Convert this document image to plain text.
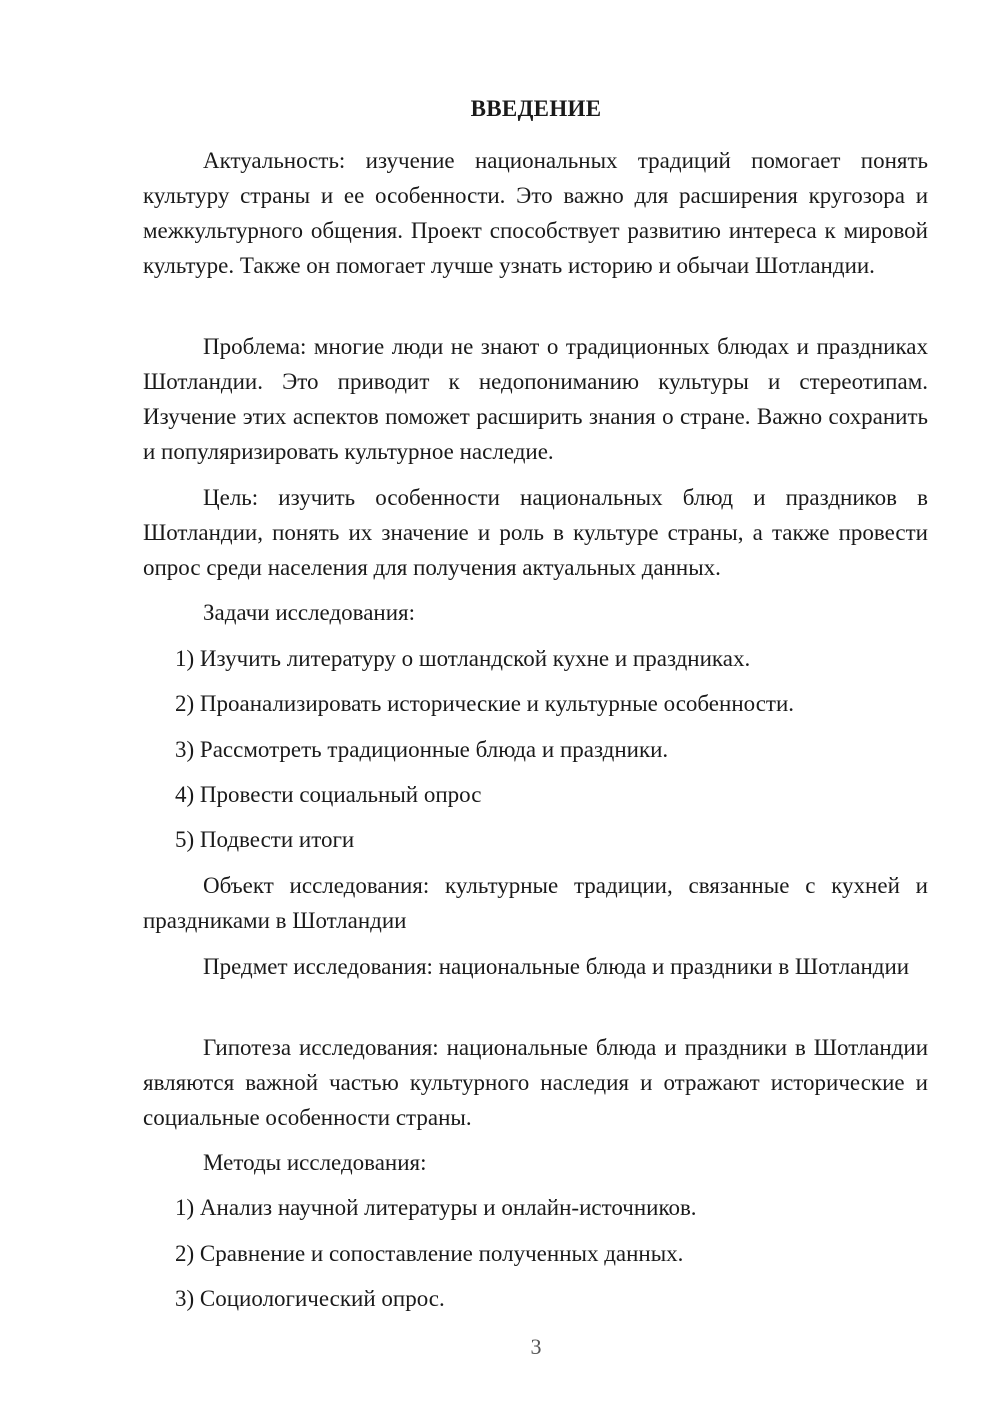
ВВЕДЕНИЕ
Актуальность: изучение национальных традиций помогает понять культуру страны и ее особенности. Это важно для расширения кругозора и межкультурного общения. Проект способствует развитию интереса к мировой культуре. Также он помогает лучше узнать историю и обычаи Шотландии.
Проблема: многие люди не знают о традиционных блюдах и праздниках Шотландии. Это приводит к недопониманию культуры и стереотипам. Изучение этих аспектов поможет расширить знания о стране. Важно сохранить и популяризировать культурное наследие.
Цель: изучить особенности национальных блюд и праздников в Шотландии, понять их значение и роль в культуре страны, а также провести опрос среди населения для получения актуальных данных.
Задачи исследования:
1) Изучить литературу о шотландской кухне и праздниках.
2) Проанализировать исторические и культурные особенности.
3) Рассмотреть традиционные блюда и праздники.
4) Провести социальный опрос
5) Подвести итоги
Объект исследования: культурные традиции, связанные с кухней и праздниками в Шотландии
Предмет исследования: национальные блюда и праздники в Шотландии
Гипотеза исследования: национальные блюда и праздники в Шотландии являются важной частью культурного наследия и отражают исторические и социальные особенности страны.
Методы исследования:
1) Анализ научной литературы и онлайн-источников.
2) Сравнение и сопоставление полученных данных.
3) Социологический опрос.
3
